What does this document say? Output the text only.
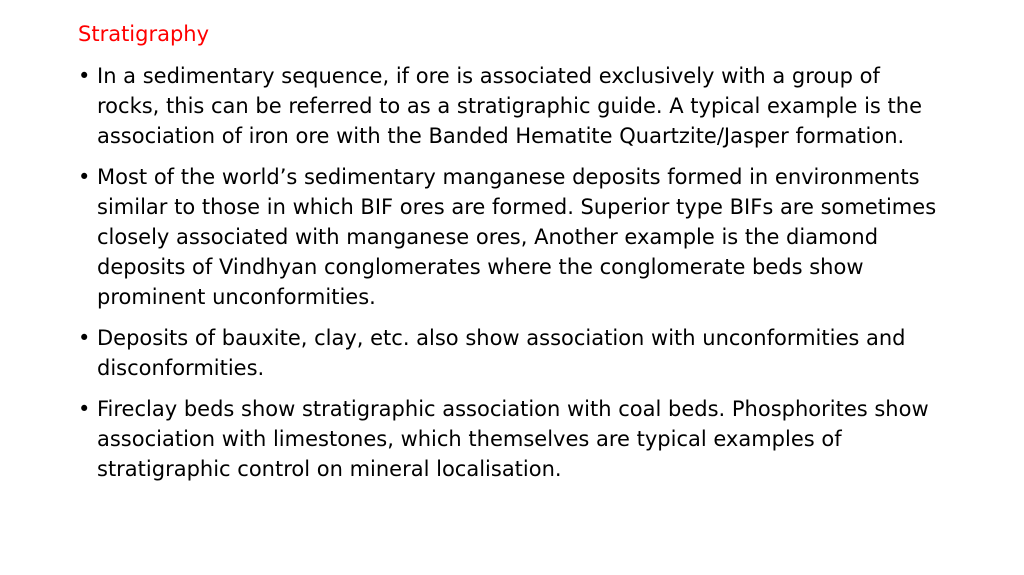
Stratigraphy
• In a sedimentary sequence, if ore is associated exclusively with a group of rocks, this can be referred to as a stratigraphic guide. A typical example is the association of iron ore with the Banded Hematite Quartzite/Jasper formation.
• Most of the world’s sedimentary manganese deposits formed in environments similar to those in which BIF ores are formed. Superior type BIFs are sometimes closely associated with manganese ores, Another example is the diamond deposits of Vindhyan conglomerates where the conglomerate beds show prominent unconformities.
• Deposits of bauxite, clay, etc. also show association with unconformities and disconformities.
• Fireclay beds show stratigraphic association with coal beds. Phosphorites show association with limestones, which themselves are typical examples of stratigraphic control on mineral localisation.
